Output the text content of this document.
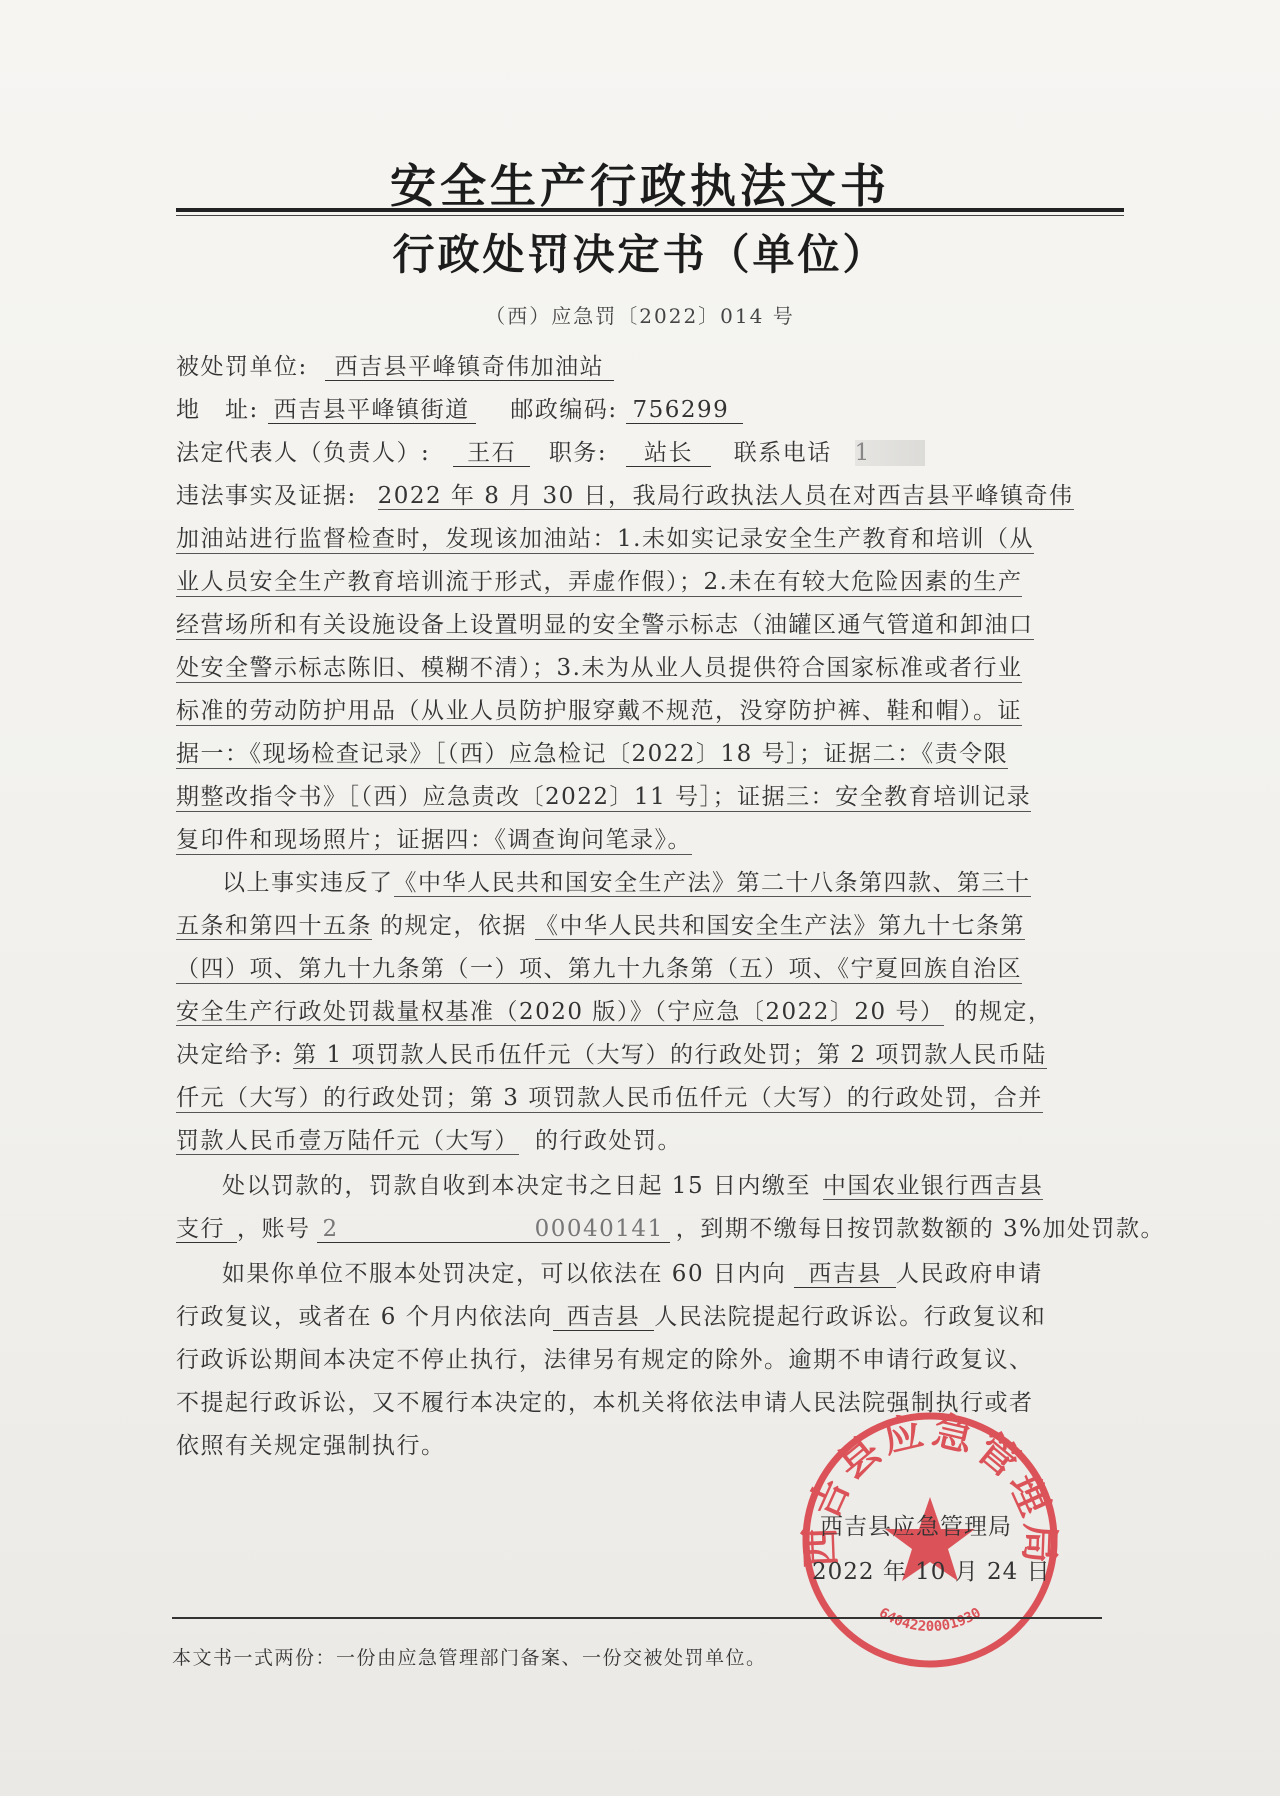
安全生产行政执法文书
行政处罚决定书（单位）
（西）应急罚〔2022〕014 号
被处罚单位: 西吉县平峰镇奇伟加油站
地　址: 西吉县平峰镇街道 邮政编码: 756299
法定代表人（负责人）: 王石 职务: 站长 联系电话 1
违法事实及证据: 2022 年 8 月 30 日，我局行政执法人员在对西吉县平峰镇奇伟
加油站进行监督检查时，发现该加油站：1.未如实记录安全生产教育和培训（从
业人员安全生产教育培训流于形式，弄虚作假）；2.未在有较大危险因素的生产
经营场所和有关设施设备上设置明显的安全警示标志（油罐区通气管道和卸油口
处安全警示标志陈旧、模糊不清）；3.未为从业人员提供符合国家标准或者行业
标准的劳动防护用品（从业人员防护服穿戴不规范，没穿防护裤、鞋和帽）。证
据一：《现场检查记录》［（西）应急检记〔2022〕18 号］；证据二：《责令限
期整改指令书》［（西）应急责改〔2022〕11 号］；证据三：安全教育培训记录
复印件和现场照片；证据四：《调查询问笔录》。
以上事实违反了《中华人民共和国安全生产法》第二十八条第四款、第三十
五条和第四十五条 的规定，依据 《中华人民共和国安全生产法》第九十七条第
（四）项、第九十九条第（一）项、第九十九条第（五）项、《宁夏回族自治区
安全生产行政处罚裁量权基准（2020 版）》（宁应急〔2022〕20 号） 的规定，
决定给予: 第 1 项罚款人民币伍仟元（大写）的行政处罚；第 2 项罚款人民币陆
仟元（大写）的行政处罚；第 3 项罚款人民币伍仟元（大写）的行政处罚，合并
罚款人民币壹万陆仟元（大写） 的行政处罚。
处以罚款的，罚款自收到本决定书之日起 15 日内缴至 中国农业银行西吉县
支行 ，账号 2　　　　　　　　00040141 ，到期不缴每日按罚款数额的 3%加处罚款。
如果你单位不服本处罚决定，可以依法在 60 日内向 西吉县 人民政府申请
行政复议，或者在 6 个月内依法向 西吉县 人民法院提起行政诉讼。行政复议和
行政诉讼期间本决定不停止执行，法律另有规定的除外。逾期不申请行政复议、
不提起行政诉讼，又不履行本决定的，本机关将依法申请人民法院强制执行或者
依照有关规定强制执行。
西吉县应急管理局
6404220001930
西吉县应急管理局
2022 年 10 月 24 日
本文书一式两份：一份由应急管理部门备案、一份交被处罚单位。
